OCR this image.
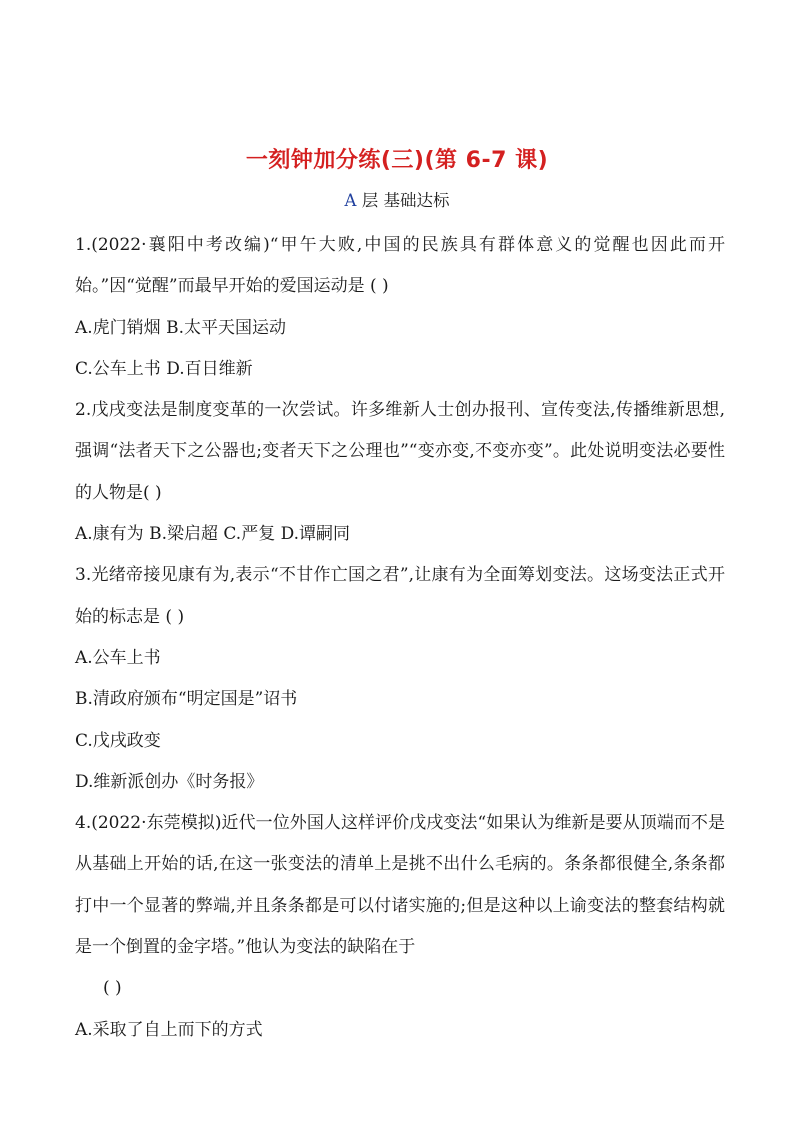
一刻钟加分练(三)(第 6-7 课)
A 层 基础达标
1.(2022·襄阳中考改编)“甲午大败,中国的民族具有群体意义的觉醒也因此而开始。”因“觉醒”而最早开始的爱国运动是 ( )
A.虎门销烟 B.太平天国运动
C.公车上书 D.百日维新
2.戊戌变法是制度变革的一次尝试。许多维新人士创办报刊、宣传变法,传播维新思想,强调“法者天下之公器也;变者天下之公理也”“变亦变,不变亦变”。此处说明变法必要性的人物是( )
A.康有为 B.梁启超 C.严复 D.谭嗣同
3.光绪帝接见康有为,表示“不甘作亡国之君”,让康有为全面筹划变法。这场变法正式开始的标志是 ( )
A.公车上书
B.清政府颁布“明定国是”诏书
C.戊戌政变
D.维新派创办《时务报》
4.(2022·东莞模拟)近代一位外国人这样评价戊戌变法“如果认为维新是要从顶端而不是从基础上开始的话,在这一张变法的清单上是挑不出什么毛病的。条条都很健全,条条都打中一个显著的弊端,并且条条都是可以付诸实施的;但是这种以上谕变法的整套结构就是一个倒置的金字塔。”他认为变法的缺陷在于
( )
A.采取了自上而下的方式
